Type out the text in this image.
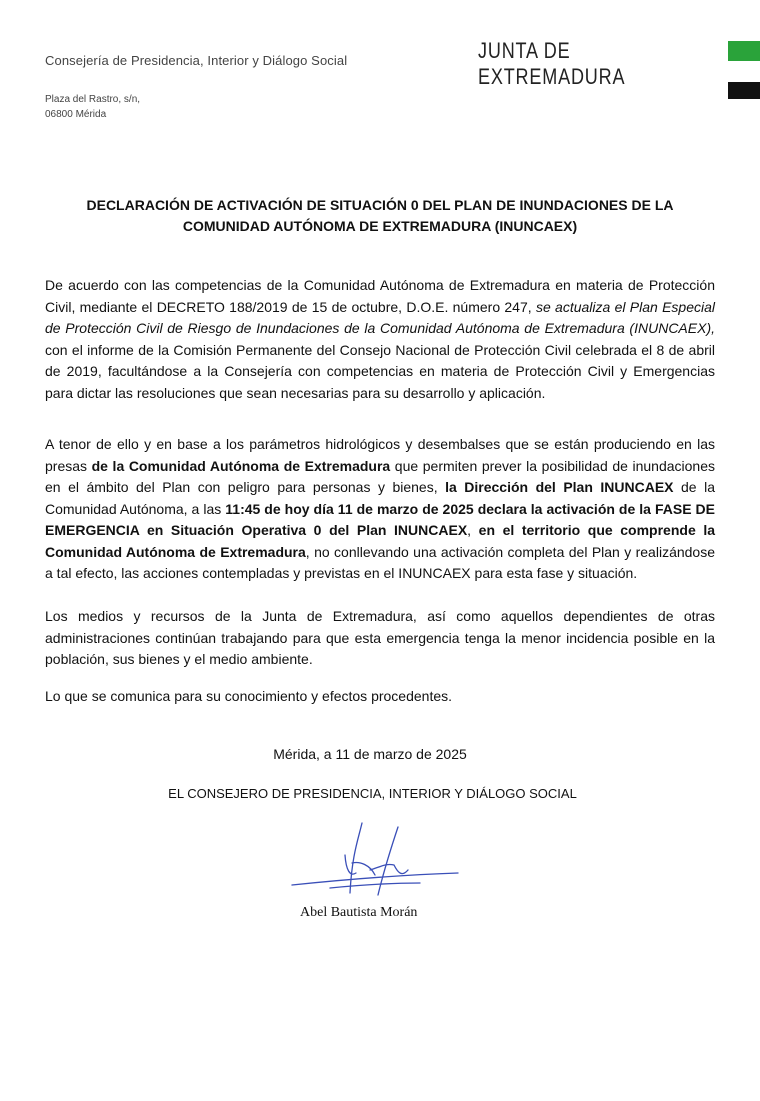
Consejería de Presidencia, Interior y Diálogo Social
Plaza del Rastro, s/n,
06800 Mérida
JUNTA DE EXTREMADURA
DECLARACIÓN DE ACTIVACIÓN DE SITUACIÓN 0 DEL PLAN DE INUNDACIONES DE LA
COMUNIDAD AUTÓNOMA DE EXTREMADURA (INUNCAEX)
De acuerdo con las competencias de la Comunidad Autónoma de Extremadura en materia de Protección Civil, mediante el DECRETO 188/2019 de 15 de octubre, D.O.E. número 247, se actualiza el Plan Especial de Protección Civil de Riesgo de Inundaciones de la Comunidad Autónoma de Extremadura (INUNCAEX), con el informe de la Comisión Permanente del Consejo Nacional de Protección Civil celebrada el 8 de abril de 2019, facultándose a la Consejería con competencias en materia de Protección Civil y Emergencias para dictar las resoluciones que sean necesarias para su desarrollo y aplicación.
A tenor de ello y en base a los parámetros hidrológicos y desembalses que se están produciendo en las presas de la Comunidad Autónoma de Extremadura que permiten prever la posibilidad de inundaciones en el ámbito del Plan con peligro para personas y bienes, la Dirección del Plan INUNCAEX de la Comunidad Autónoma, a las 11:45 de hoy día 11 de marzo de 2025 declara la activación de la FASE DE EMERGENCIA en Situación Operativa 0 del Plan INUNCAEX, en el territorio que comprende la Comunidad Autónoma de Extremadura, no conllevando una activación completa del Plan y realizándose a tal efecto, las acciones contempladas y previstas en el INUNCAEX para esta fase y situación.
Los medios y recursos de la Junta de Extremadura, así como aquellos dependientes de otras administraciones continúan trabajando para que esta emergencia tenga la menor incidencia posible en la población, sus bienes y el medio ambiente.
Lo que se comunica para su conocimiento y efectos procedentes.
Mérida, a 11 de marzo de 2025
EL CONSEJERO DE PRESIDENCIA, INTERIOR Y DIÁLOGO SOCIAL
Abel Bautista Morán
